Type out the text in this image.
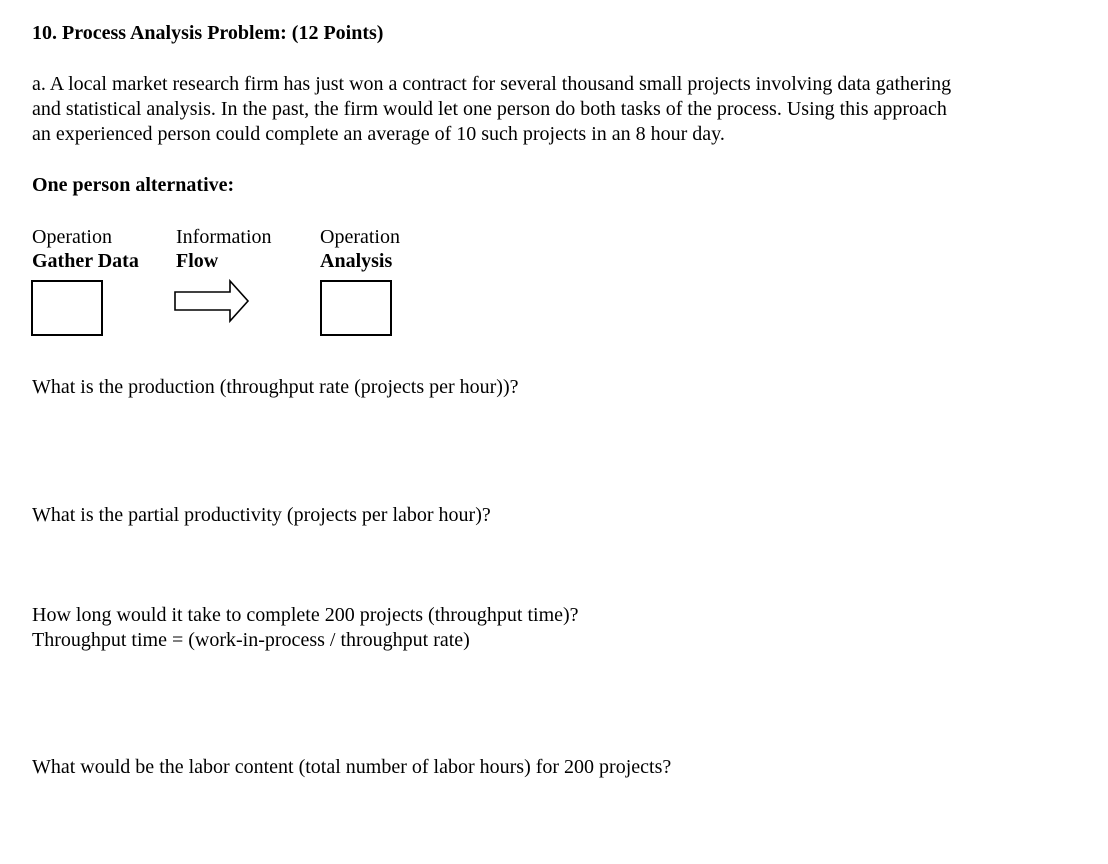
10. Process Analysis Problem: (12 Points)
a. A local market research firm has just won a contract for several thousand small projects involving data gathering
and statistical analysis. In the past, the firm would let one person do both tasks of the process. Using this approach
an experienced person could complete an average of 10 such projects in an 8 hour day.
One person alternative:
Operation
Gather Data
Information
Flow
Operation
Analysis
What is the production (throughput rate (projects per hour))?
What is the partial productivity (projects per labor hour)?
How long would it take to complete 200 projects (throughput time)?
Throughput time = (work-in-process / throughput rate)
What would be the labor content (total number of labor hours) for 200 projects?
